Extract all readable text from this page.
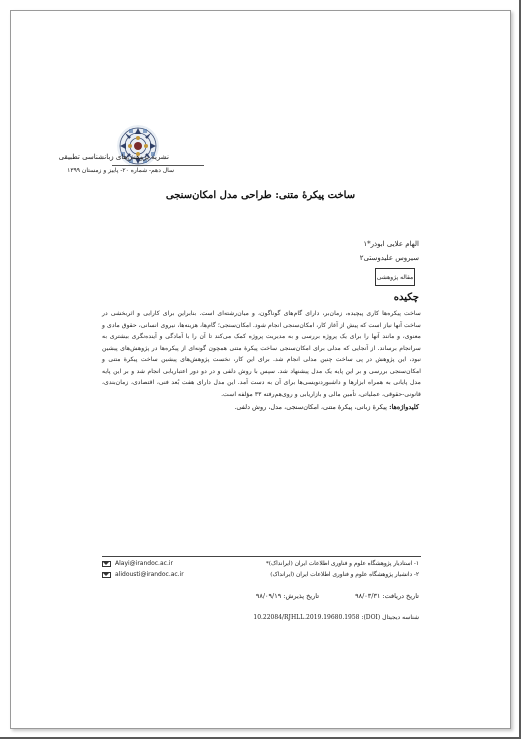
نشریه پژوهش‌های زبانشناسی تطبیقی
سال دهم- شماره ۲۰- پاییز و زمستان ۱۳۹۹
ساخت پیکرۀ متنی: طراحی مدل امکان‌سنجی
الهام علایی ابوذر*۱
سیروس علیدوستی۲
مقاله پژوهشی
چکیده
ساخت پیکره‌ها کاری پیچیده، زمان‌بر، دارای گام‌های گوناگون، و میان‌رشته‌ای است. بنابراین برای کارایی و اثربخشی در ساخت آنها نیاز است که پیش از آغاز کار، امکان‌سنجی انجام شود. امکان‌سنجی؛ گام‌ها، هزینه‌ها، نیروی انسانی، حقوق مادی و معنوی، و مانند آنها را برای یک پروژه بررسی و به مدیریت پروژه کمک می‌کند تا آن را با آمادگی و آینده‌نگری بیشتری به سرانجام برساند. از آنجایی که مدلی برای امکان‌سنجی ساخت پیکرۀ متنی همچون گونه‌ای از پیکره‌ها در پژوهش‌های پیشین نبود، این پژوهش در پی ساخت چنین مدلی انجام شد. برای این کار، نخست پژوهش‌های پیشین ساخت پیکرۀ متنی و امکان‌سنجی بررسی و بر این پایه یک مدل پیشنهاد شد. سپس با روش دلفی و در دو دور اعتباریابی انجام شد و بر این پایه مدل پایانی به همراه ابزارها و داشبوردنویسی‌ها برای آن به دست آمد. این مدل دارای هفت بُعد فنی، اقتصادی، زمان‌بندی، قانونی-حقوقی، عملیاتی، تأمین مالی و بازاریابی و روی‌هم‌رفته ۳۳ مؤلفه است.
کلیدواژه‌ها: پیکرۀ زبانی، پیکرۀ متنی، امکان‌سنجی، مدل، روش دلفی.
۱- استادیار پژوهشگاه علوم و فناوری اطلاعات ایران (ایرانداک)*
۲- دانشیار پژوهشگاه علوم و فناوری اطلاعات ایران (ایرانداک)
Alayi@irandoc.ac.ir
alidousti@irandoc.ac.ir
تاریخ دریافت: ۹۸/۰۳/۳۱ تاریخ پذیرش: ۹۸/۰۹/۱۹
شناسه دیجیتال (DOI): 10.22084/RJHLL.2019.19680.1958
